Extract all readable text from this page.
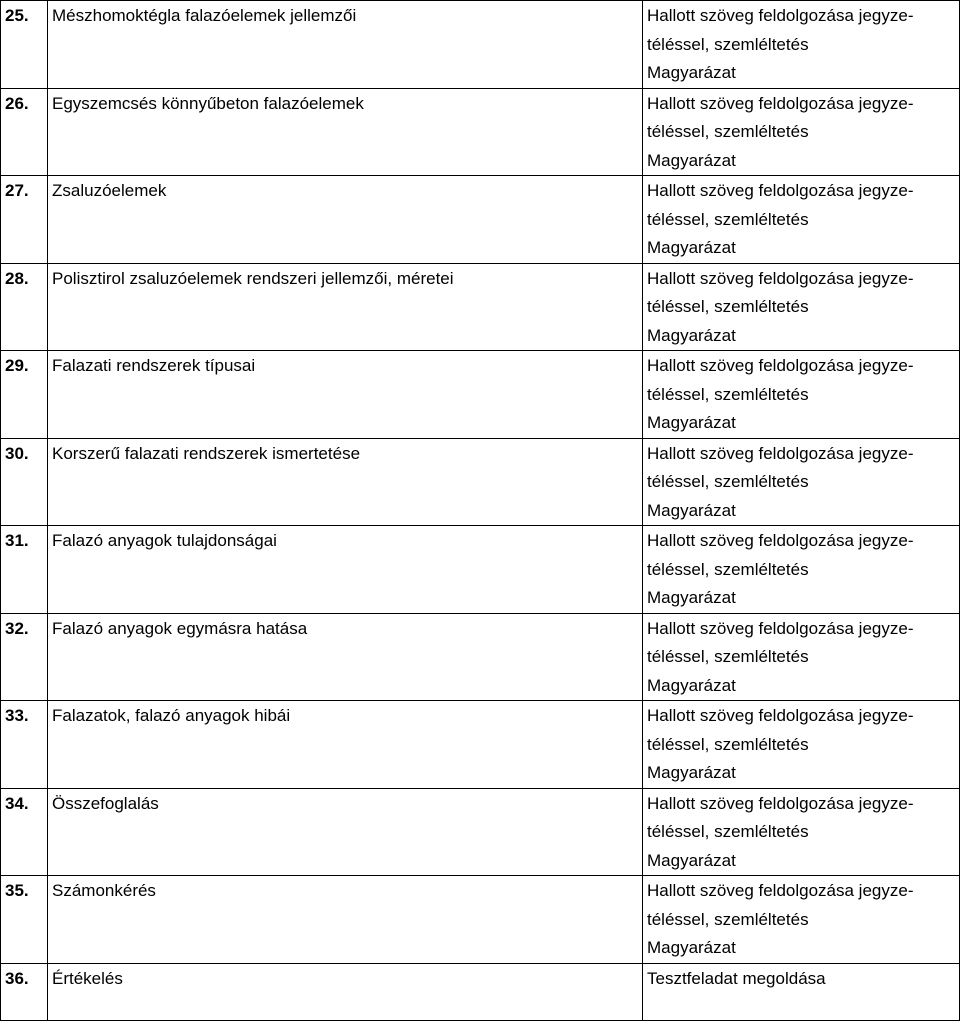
25.	Mészhomoktégla falazóelemek jellemzői	Hallott szöveg feldolgozása jegyze-
téléssel, szemléltetés
Magyarázat

26.	Egyszemcsés könnyűbeton falazóelemek	Hallott szöveg feldolgozása jegyze-
téléssel, szemléltetés
Magyarázat

27.	Zsaluzóelemek	Hallott szöveg feldolgozása jegyze-
téléssel, szemléltetés
Magyarázat

28.	Polisztirol zsaluzóelemek rendszeri jellemzői, méretei	Hallott szöveg feldolgozása jegyze-
téléssel, szemléltetés
Magyarázat

29.	Falazati rendszerek típusai	Hallott szöveg feldolgozása jegyze-
téléssel, szemléltetés
Magyarázat

30.	Korszerű falazati rendszerek ismertetése	Hallott szöveg feldolgozása jegyze-
téléssel, szemléltetés
Magyarázat

31.	Falazó anyagok tulajdonságai	Hallott szöveg feldolgozása jegyze-
téléssel, szemléltetés
Magyarázat

32.	Falazó anyagok egymásra hatása	Hallott szöveg feldolgozása jegyze-
téléssel, szemléltetés
Magyarázat

33.	Falazatok, falazó anyagok hibái	Hallott szöveg feldolgozása jegyze-
téléssel, szemléltetés
Magyarázat

34.	Összefoglalás	Hallott szöveg feldolgozása jegyze-
téléssel, szemléltetés
Magyarázat

35.	Számonkérés	Hallott szöveg feldolgozása jegyze-
téléssel, szemléltetés
Magyarázat

36.	Értékelés	Tesztfeladat megoldása
